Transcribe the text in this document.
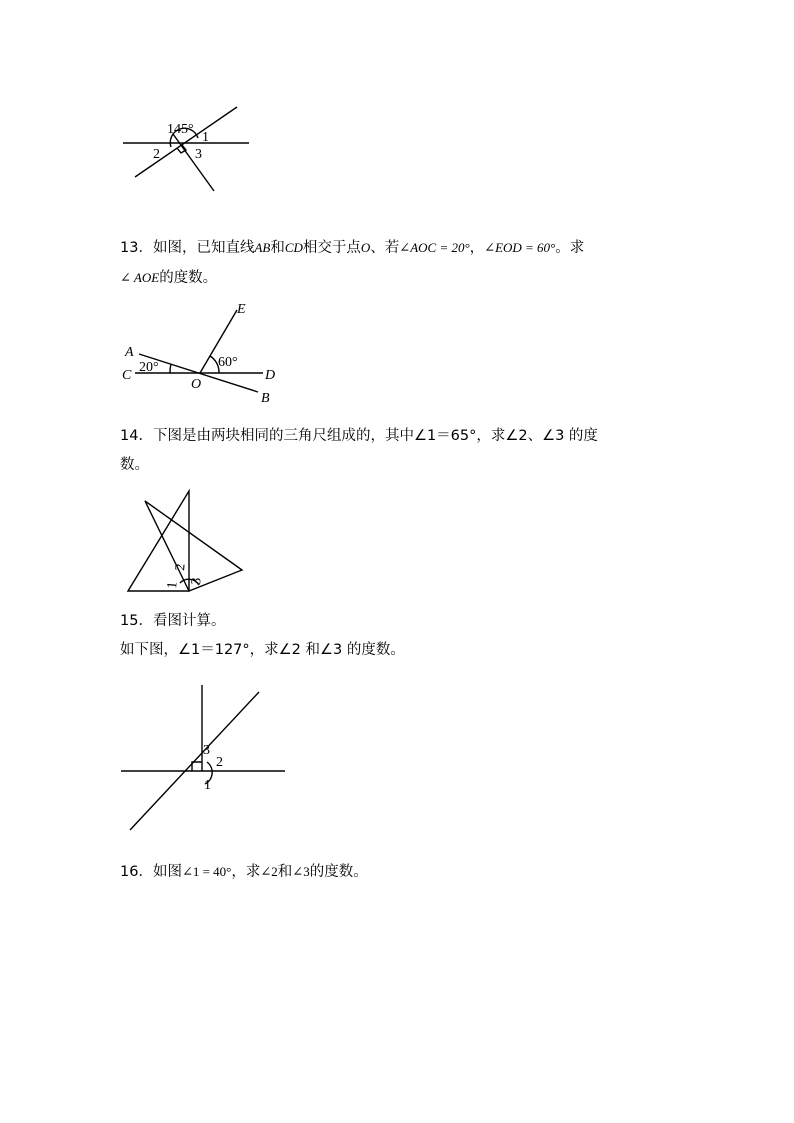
145°
1
2	3
13．如图，已知直线AB和CD相交于点O、若∠AOC = 20°，∠EOD = 60°。求
∠ AOE的度数。
A
C
O
D
B
E
20°	60°
14．下图是由两块相同的三角尺组成的，其中∠1＝65°，求∠2、∠3 的度
数。
1
2
3
15．看图计算。
如下图，∠1＝127°，求∠2 和∠3 的度数。
3
2
1
16．如图∠1 = 40°，求∠2和∠3的度数。
